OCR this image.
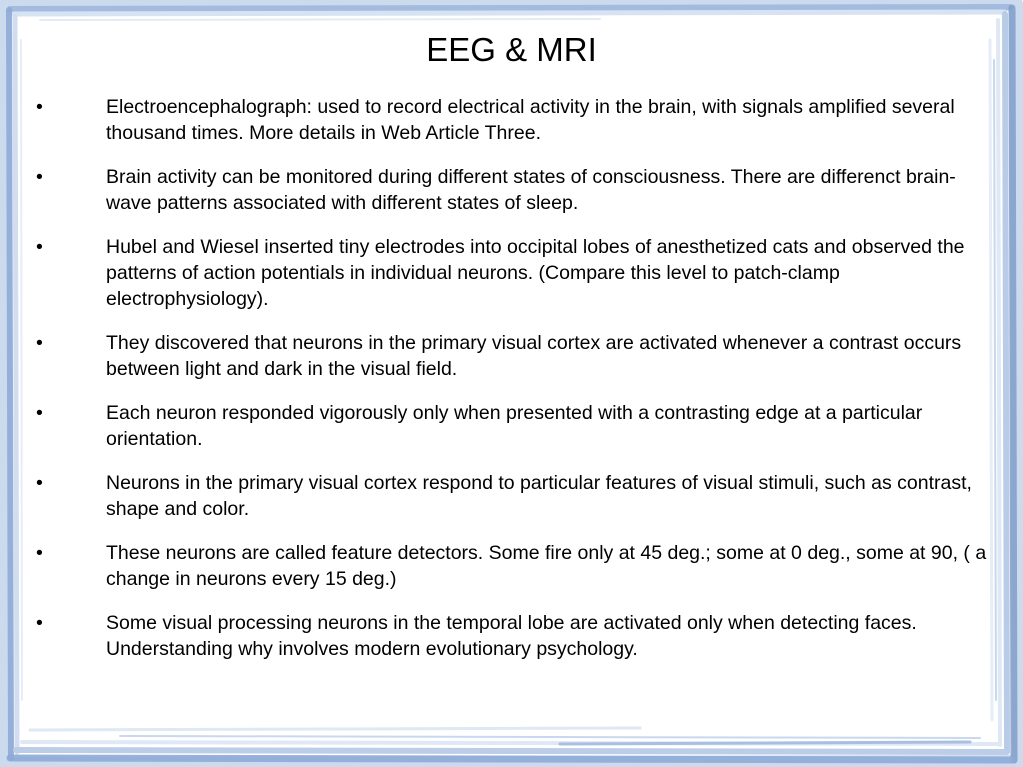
EEG & MRI
•	Electroencephalograph: used to record electrical activity in the brain, with signals amplified several thousand times. More details in Web Article Three.
•	Brain activity can be monitored during different states of consciousness. There are differenct brain-wave patterns associated with different states of sleep.
•	Hubel and Wiesel inserted tiny electrodes into occipital lobes of anesthetized cats and observed the patterns of action potentials in individual neurons. (Compare this level to patch-clamp electrophysiology).
•	They discovered that neurons in the primary visual cortex are activated whenever a contrast occurs between light and dark in the visual field.
•	Each neuron responded vigorously only when presented with a contrasting edge at a particular orientation.
•	Neurons in the primary visual cortex respond to particular features of visual stimuli, such as contrast, shape and color.
•	These neurons are called feature detectors. Some fire only at 45 deg.; some at 0 deg., some at 90, ( a change in neurons every 15 deg.)
•	Some visual processing neurons in the temporal lobe are activated only when detecting faces. Understanding why involves modern evolutionary psychology.
